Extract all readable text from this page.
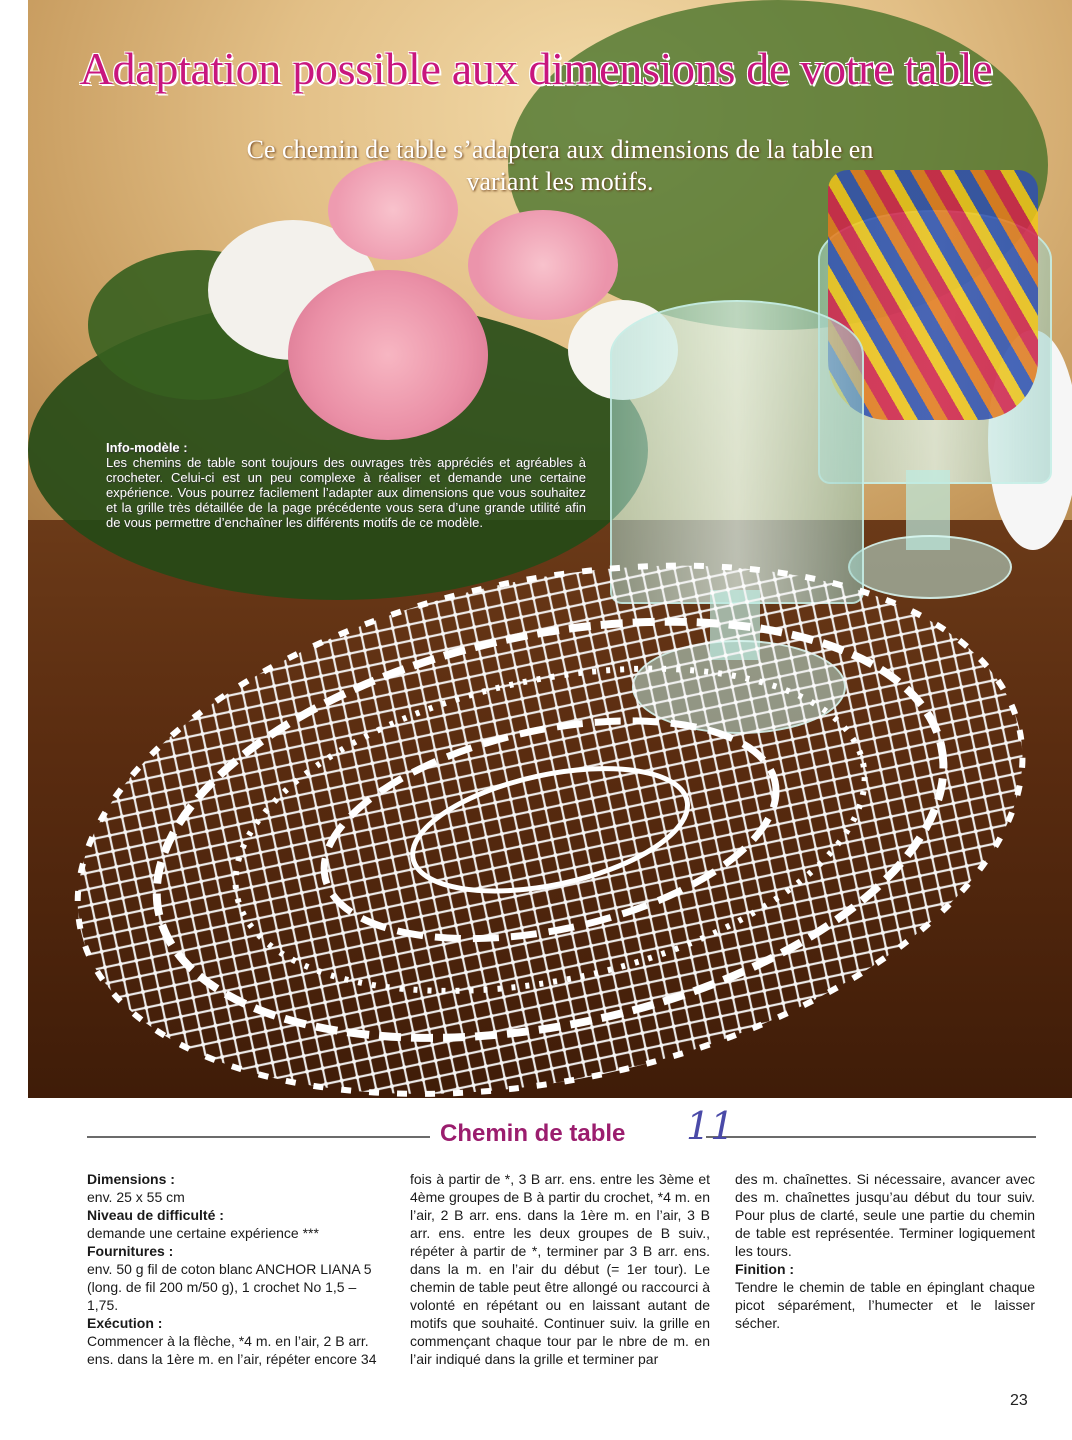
Adaptation possible aux dimensions de votre table

Ce chemin de table s’adaptera aux dimensions de la table en
variant les motifs.

Info-modèle :
Les chemins de table sont toujours des ouvrages très appréciés et agréables à crocheter. Celui-ci est un peu complexe à réaliser et demande une certaine expérience. Vous pourrez facilement l’adapter aux dimensions que vous souhaitez et la grille très détaillée de la page précédente vous sera d’une grande utilité afin de vous permettre d’enchaîner les différents motifs de ce modèle.
Chemin de table 11
Dimensions :
env. 25 x 55 cm
Niveau de difficulté :
demande une certaine expérience ***
Fournitures :
env. 50 g fil de coton blanc ANCHOR LIANA 5 (long. de fil 200 m/50 g), 1 crochet No 1,5 – 1,75.
Exécution :
Commencer à la flèche, *4 m. en l’air, 2 B arr. ens. dans la 1ère m. en l’air, répéter encore 34
fois à partir de *, 3 B arr. ens. entre les 3ème et 4ème groupes de B à partir du crochet, *4 m. en l’air, 2 B arr. ens. dans la 1ère m. en l’air, 3 B arr. ens. entre les deux groupes de B suiv., répéter à partir de *, terminer par 3 B arr. ens. dans la m. en l’air du début (= 1er tour). Le chemin de table peut être allongé ou raccourci à volonté en répétant ou en laissant autant de motifs que souhaité. Continuer suiv. la grille en commençant chaque tour par le nbre de m. en l’air indiqué dans la grille et terminer par
des m. chaînettes. Si nécessaire, avancer avec des m. chaînettes jusqu’au début du tour suiv. Pour plus de clarté, seule une partie du chemin de table est représentée. Terminer logiquement les tours.
Finition :
Tendre le chemin de table en épinglant chaque picot séparément, l’humecter et le laisser sécher.
23
